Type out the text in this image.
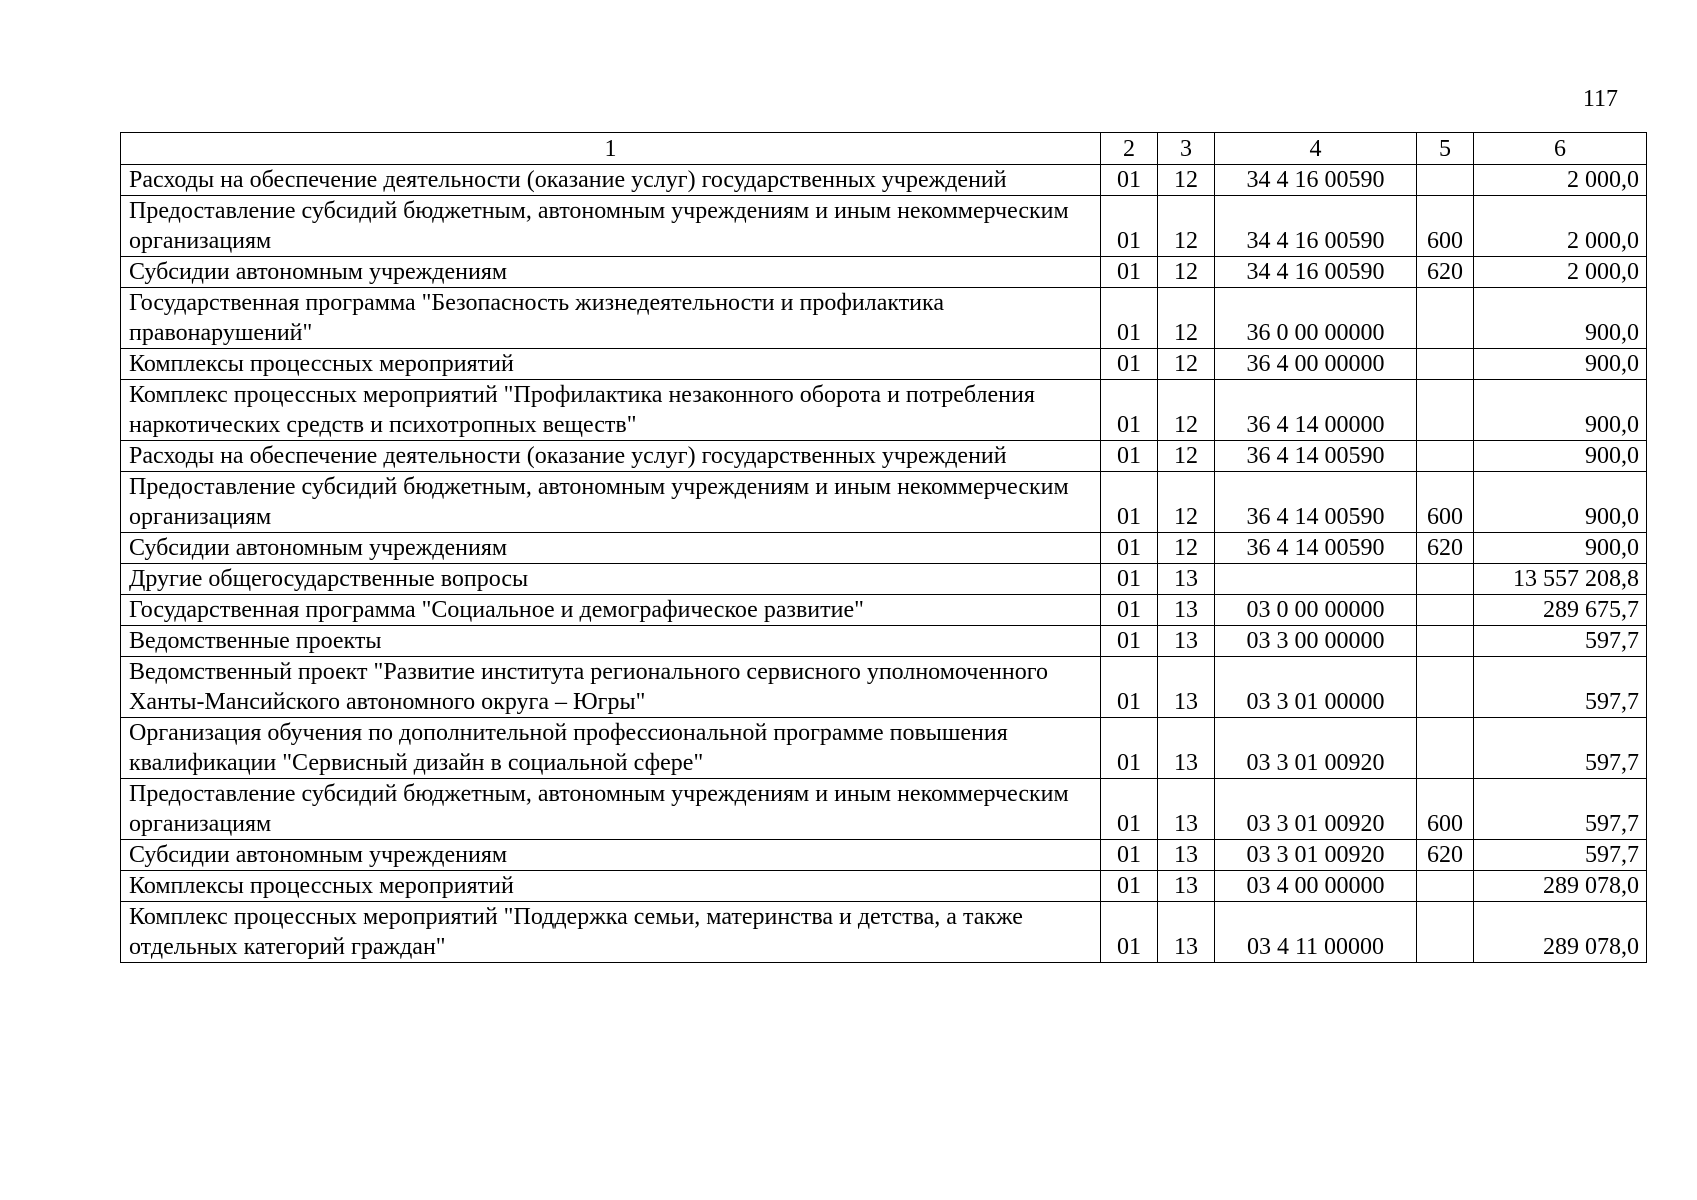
117
1	2	3	4	5	6
Расходы на обеспечение деятельности (оказание услуг) государственных учреждений	01	12	34 4 16 00590		2 000,0
Предоставление субсидий бюджетным, автономным учреждениям и иным некоммерческим организациям	01	12	34 4 16 00590	600	2 000,0
Субсидии автономным учреждениям	01	12	34 4 16 00590	620	2 000,0
Государственная программа "Безопасность жизнедеятельности и профилактика правонарушений"	01	12	36 0 00 00000		900,0
Комплексы процессных мероприятий	01	12	36 4 00 00000		900,0
Комплекс процессных мероприятий "Профилактика незаконного оборота и потребления наркотических средств и психотропных веществ"	01	12	36 4 14 00000		900,0
Расходы на обеспечение деятельности (оказание услуг) государственных учреждений	01	12	36 4 14 00590		900,0
Предоставление субсидий бюджетным, автономным учреждениям и иным некоммерческим организациям	01	12	36 4 14 00590	600	900,0
Субсидии автономным учреждениям	01	12	36 4 14 00590	620	900,0
Другие общегосударственные вопросы	01	13			13 557 208,8
Государственная программа "Социальное и демографическое развитие"	01	13	03 0 00 00000		289 675,7
Ведомственные проекты	01	13	03 3 00 00000		597,7
Ведомственный проект "Развитие института регионального сервисного уполномоченного Ханты-Мансийского автономного округа – Югры"	01	13	03 3 01 00000		597,7
Организация обучения по дополнительной профессиональной программе повышения квалификации "Сервисный дизайн в социальной сфере"	01	13	03 3 01 00920		597,7
Предоставление субсидий бюджетным, автономным учреждениям и иным некоммерческим организациям	01	13	03 3 01 00920	600	597,7
Субсидии автономным учреждениям	01	13	03 3 01 00920	620	597,7
Комплексы процессных мероприятий	01	13	03 4 00 00000		289 078,0
Комплекс процессных мероприятий "Поддержка семьи, материнства и детства, а также отдельных категорий граждан"	01	13	03 4 11 00000		289 078,0
